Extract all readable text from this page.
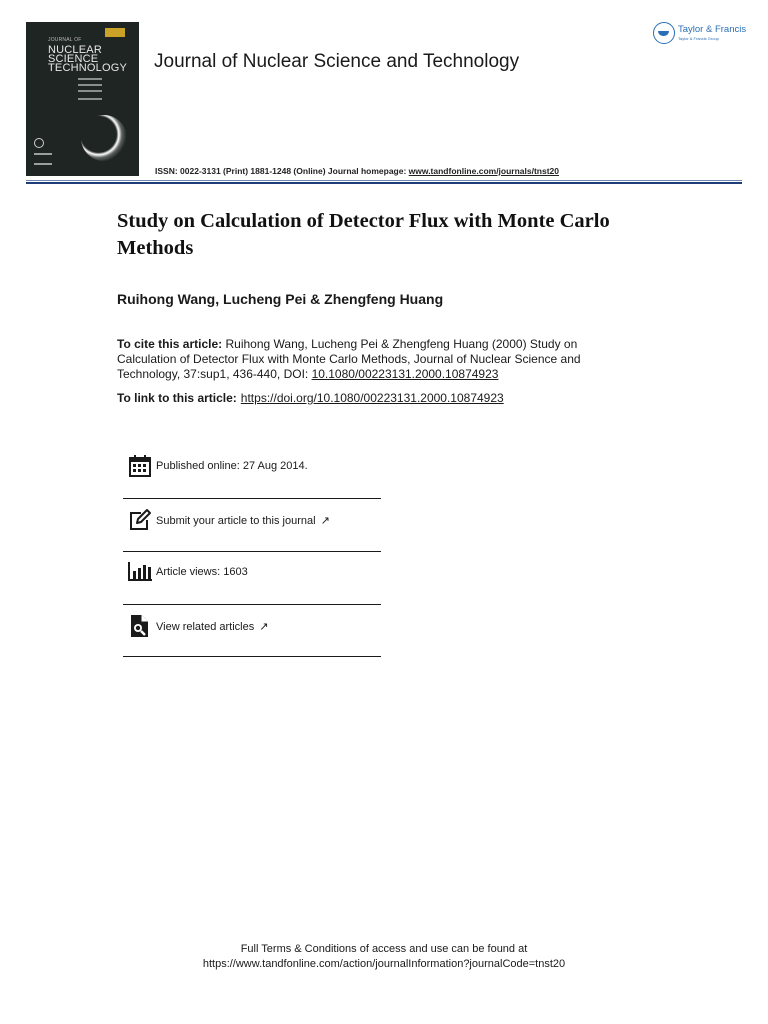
JOURNAL OF
NUCLEAR
SCIENCE
TECHNOLOGY Journal of Nuclear Science and Technology
ISSN: 0022-3131 (Print) 1881-1248 (Online) Journal homepage: www.tandfonline.com/journals/tnst20
Taylor & Francis
Taylor & Francis Group
Study on Calculation of Detector Flux with Monte Carlo Methods
Ruihong Wang, Lucheng Pei & Zhengfeng Huang
To cite this article: Ruihong Wang, Lucheng Pei & Zhengfeng Huang (2000) Study on Calculation of Detector Flux with Monte Carlo Methods, Journal of Nuclear Science and Technology, 37:sup1, 436-440, DOI: 10.1080/00223131.2000.10874923
To link to this article: https://doi.org/10.1080/00223131.2000.10874923
Published online: 27 Aug 2014.
Submit your article to this journal ↗
Article views: 1603
View related articles ↗
Full Terms & Conditions of access and use can be found at
https://www.tandfonline.com/action/journalInformation?journalCode=tnst20
